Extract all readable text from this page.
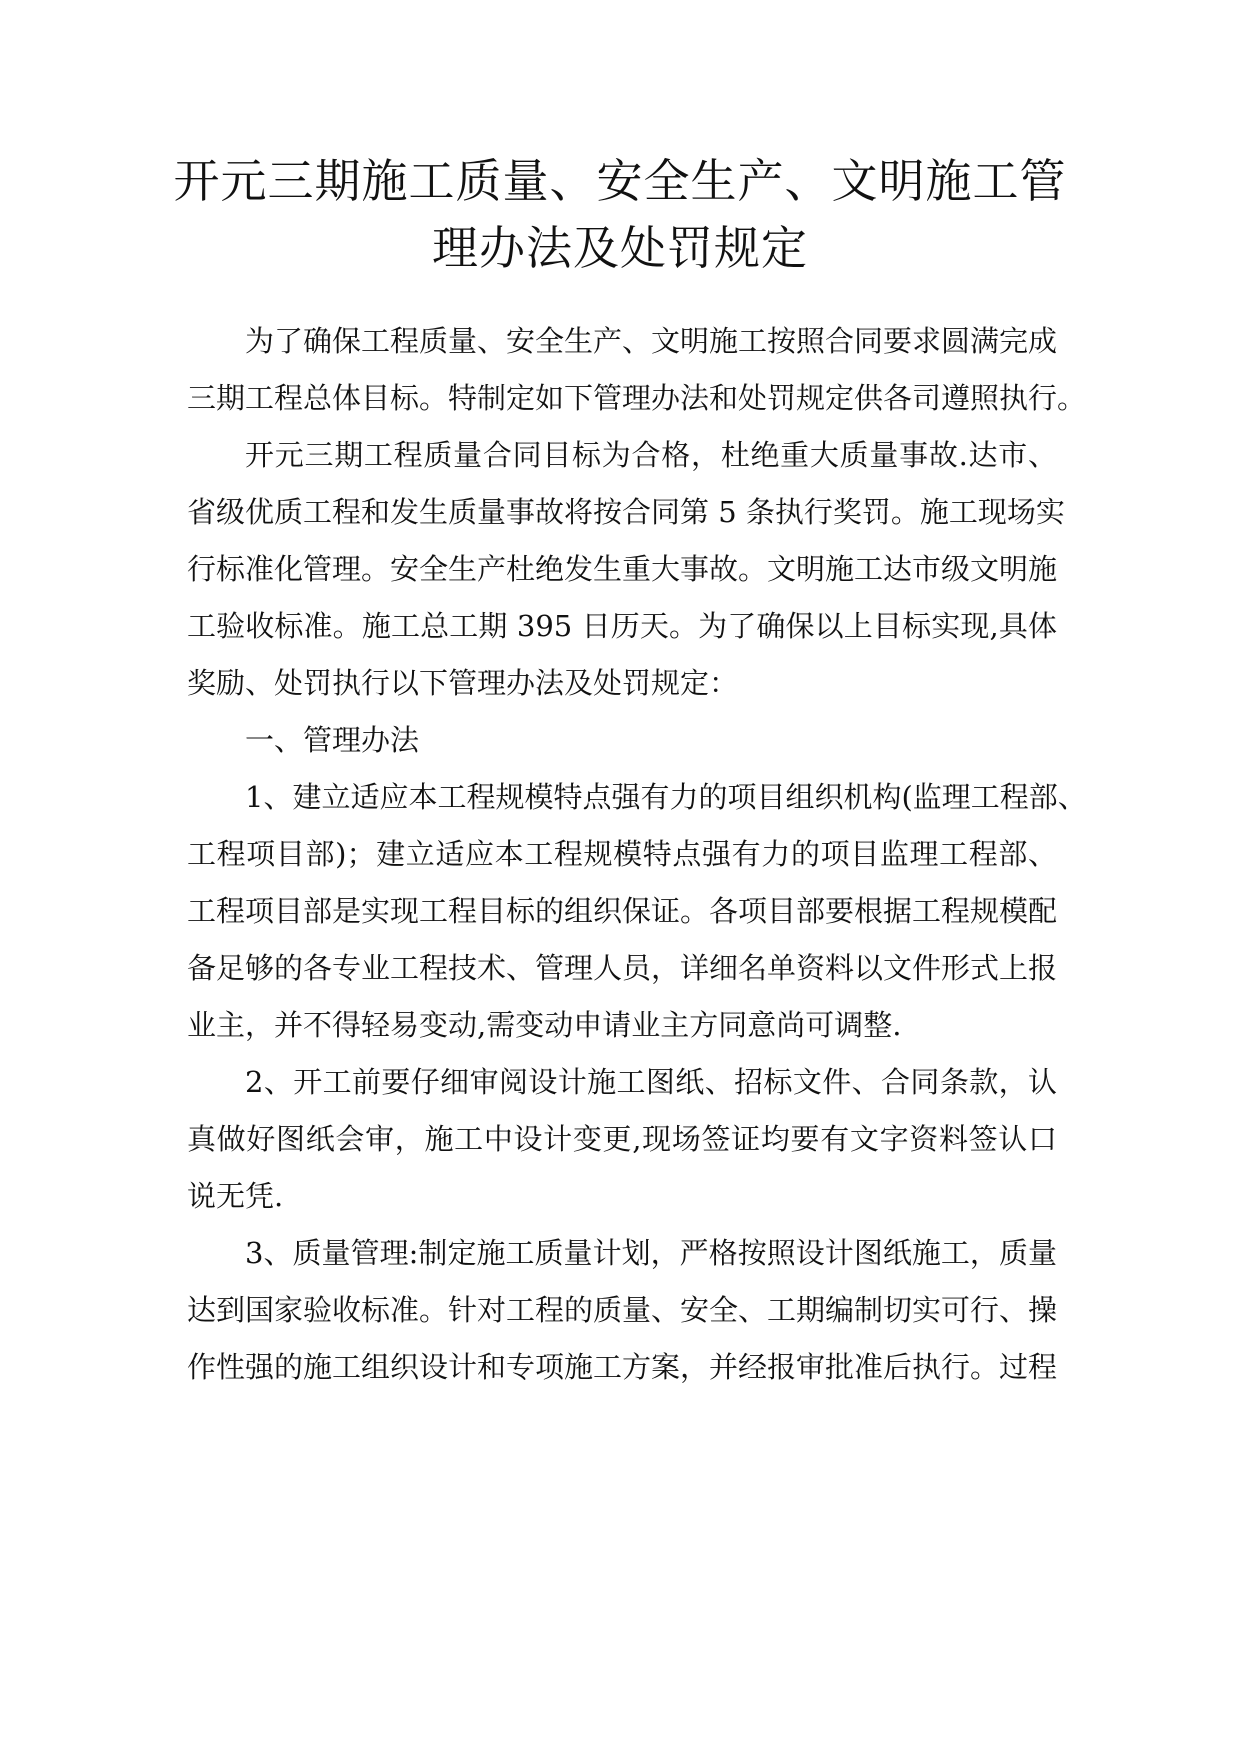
开元三期施工质量、安全生产、文明施工管
理办法及处罚规定
为了确保工程质量、安全生产、文明施工按照合同要求圆满完成
三期工程总体目标。特制定如下管理办法和处罚规定供各司遵照执行。
开元三期工程质量合同目标为合格，杜绝重大质量事故.达市、
省级优质工程和发生质量事故将按合同第 5 条执行奖罚。施工现场实
行标准化管理。安全生产杜绝发生重大事故。文明施工达市级文明施
工验收标准。施工总工期 395 日历天。为了确保以上目标实现,具体
奖励、处罚执行以下管理办法及处罚规定：
一、管理办法
1、建立适应本工程规模特点强有力的项目组织机构(监理工程部、
工程项目部)；建立适应本工程规模特点强有力的项目监理工程部、
工程项目部是实现工程目标的组织保证。各项目部要根据工程规模配
备足够的各专业工程技术、管理人员，详细名单资料以文件形式上报
业主，并不得轻易变动,需变动申请业主方同意尚可调整.
2、开工前要仔细审阅设计施工图纸、招标文件、合同条款，认
真做好图纸会审，施工中设计变更,现场签证均要有文字资料签认口
说无凭.
3、质量管理:制定施工质量计划，严格按照设计图纸施工，质量
达到国家验收标准。针对工程的质量、安全、工期编制切实可行、操
作性强的施工组织设计和专项施工方案，并经报审批准后执行。过程
